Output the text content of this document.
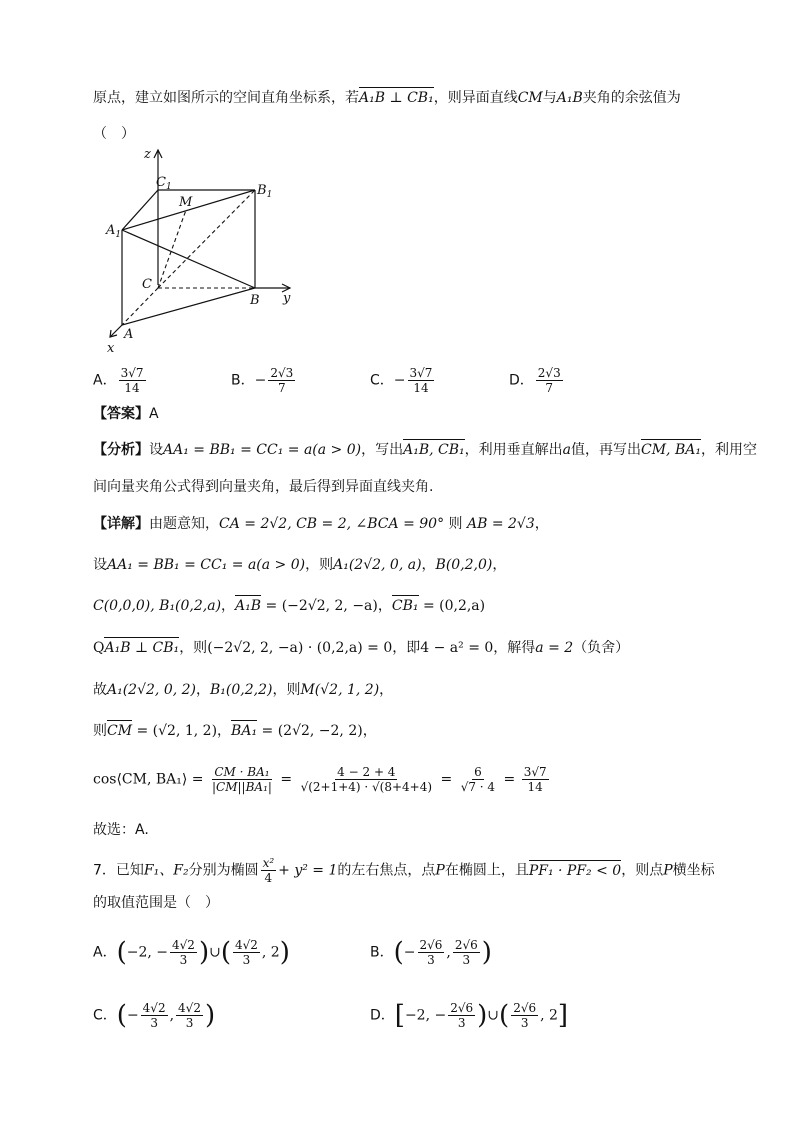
原点，建立如图所示的空间直角坐标系，若A₁B ⊥ CB₁，则异面直线CM与A₁B夹角的余弦值为
（　）
z
y
x
$C_1$	$B_1$
$A_1$
M
C
B
A
A． $\frac{3√7}{14}$	B．− $\frac{2√3}{7}$	C．− $\frac{3√7}{14}$	D． $\frac{2√3}{7}$
【答案】A
【分析】设AA₁ = BB₁ = CC₁ = a(a > 0)，写出A₁B, CB₁，利用垂直解出a值，再写出CM, BA₁，利用空
间向量夹角公式得到向量夹角，最后得到异面直线夹角.
【详解】由题意知，CA = 2√2, CB = 2, ∠BCA = 90° 则 AB = 2√3，
设AA₁ = BB₁ = CC₁ = a(a > 0)，则A₁(2√2, 0, a)，B(0,2,0)，
C(0,0,0), B₁(0,2,a)，A₁B = (−2√2, 2, −a)，CB₁ = (0,2,a)
QA₁B ⊥ CB₁，则(−2√2, 2, −a) · (0,2,a) = 0，即4 − a² = 0，解得a = 2（负舍）
故A₁(2√2, 0, 2)，B₁(0,2,2)，则M(√2, 1, 2)，
则CM = (√2, 1, 2)，BA₁ = (2√2, −2, 2)，
cos⟨CM, BA₁⟩ = $\frac{\text{CM · BA₁}}{\text{|CM||BA₁|}} = \frac{4 - 2 + 4}{√(2+1+4) \cdot √(8+4+4)} = \frac{6}{√7 \cdot 4} = \frac{3√7}{14}$
故选：A.
7．已知F₁、F₂分别为椭圆 $\frac{\text{x²}}{4} + y^2 = 1$的左右焦点，点P在椭圆上，且PF₁ · PF₂ < 0，则点P横坐标
的取值范围是（　）
A．(−2, − $\frac{4√2}{3}$ )∪( $\frac{4√2}{3}$ , 2)	B．(− $\frac{2√6}{3}$ , $\frac{2√6}{3}$ )
C．(− $\frac{4√2}{3}$ , $\frac{4√2}{3}$ )	D．[−2, − $\frac{2√6}{3}$ )∪( $\frac{2√6}{3}$ , 2]
